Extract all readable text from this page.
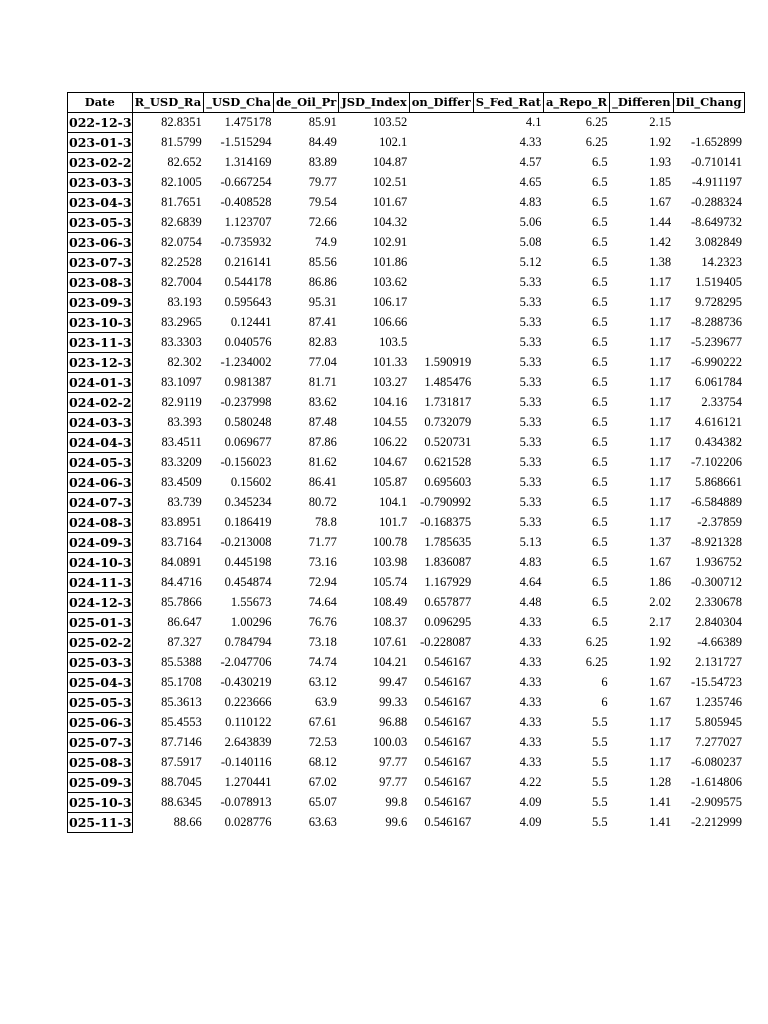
Date	R_USD_Ra	_USD_Cha	de_Oil_Pr	JSD_Index	on_Differ	S_Fed_Rat	a_Repo_R	_Differen	Dil_Chang
022-12-3	82.8351	1.475178	85.91	103.52		4.1	6.25	2.15	
023-01-3	81.5799	-1.515294	84.49	102.1		4.33	6.25	1.92	-1.652899
023-02-2	82.652	1.314169	83.89	104.87		4.57	6.5	1.93	-0.710141
023-03-3	82.1005	-0.667254	79.77	102.51		4.65	6.5	1.85	-4.911197
023-04-3	81.7651	-0.408528	79.54	101.67		4.83	6.5	1.67	-0.288324
023-05-3	82.6839	1.123707	72.66	104.32		5.06	6.5	1.44	-8.649732
023-06-3	82.0754	-0.735932	74.9	102.91		5.08	6.5	1.42	3.082849
023-07-3	82.2528	0.216141	85.56	101.86		5.12	6.5	1.38	14.2323
023-08-3	82.7004	0.544178	86.86	103.62		5.33	6.5	1.17	1.519405
023-09-3	83.193	0.595643	95.31	106.17		5.33	6.5	1.17	9.728295
023-10-3	83.2965	0.12441	87.41	106.66		5.33	6.5	1.17	-8.288736
023-11-3	83.3303	0.040576	82.83	103.5		5.33	6.5	1.17	-5.239677
023-12-3	82.302	-1.234002	77.04	101.33	1.590919	5.33	6.5	1.17	-6.990222
024-01-3	83.1097	0.981387	81.71	103.27	1.485476	5.33	6.5	1.17	6.061784
024-02-2	82.9119	-0.237998	83.62	104.16	1.731817	5.33	6.5	1.17	2.33754
024-03-3	83.393	0.580248	87.48	104.55	0.732079	5.33	6.5	1.17	4.616121
024-04-3	83.4511	0.069677	87.86	106.22	0.520731	5.33	6.5	1.17	0.434382
024-05-3	83.3209	-0.156023	81.62	104.67	0.621528	5.33	6.5	1.17	-7.102206
024-06-3	83.4509	0.15602	86.41	105.87	0.695603	5.33	6.5	1.17	5.868661
024-07-3	83.739	0.345234	80.72	104.1	-0.790992	5.33	6.5	1.17	-6.584889
024-08-3	83.8951	0.186419	78.8	101.7	-0.168375	5.33	6.5	1.17	-2.37859
024-09-3	83.7164	-0.213008	71.77	100.78	1.785635	5.13	6.5	1.37	-8.921328
024-10-3	84.0891	0.445198	73.16	103.98	1.836087	4.83	6.5	1.67	1.936752
024-11-3	84.4716	0.454874	72.94	105.74	1.167929	4.64	6.5	1.86	-0.300712
024-12-3	85.7866	1.55673	74.64	108.49	0.657877	4.48	6.5	2.02	2.330678
025-01-3	86.647	1.00296	76.76	108.37	0.096295	4.33	6.5	2.17	2.840304
025-02-2	87.327	0.784794	73.18	107.61	-0.228087	4.33	6.25	1.92	-4.66389
025-03-3	85.5388	-2.047706	74.74	104.21	0.546167	4.33	6.25	1.92	2.131727
025-04-3	85.1708	-0.430219	63.12	99.47	0.546167	4.33	6	1.67	-15.54723
025-05-3	85.3613	0.223666	63.9	99.33	0.546167	4.33	6	1.67	1.235746
025-06-3	85.4553	0.110122	67.61	96.88	0.546167	4.33	5.5	1.17	5.805945
025-07-3	87.7146	2.643839	72.53	100.03	0.546167	4.33	5.5	1.17	7.277027
025-08-3	87.5917	-0.140116	68.12	97.77	0.546167	4.33	5.5	1.17	-6.080237
025-09-3	88.7045	1.270441	67.02	97.77	0.546167	4.22	5.5	1.28	-1.614806
025-10-3	88.6345	-0.078913	65.07	99.8	0.546167	4.09	5.5	1.41	-2.909575
025-11-3	88.66	0.028776	63.63	99.6	0.546167	4.09	5.5	1.41	-2.212999
